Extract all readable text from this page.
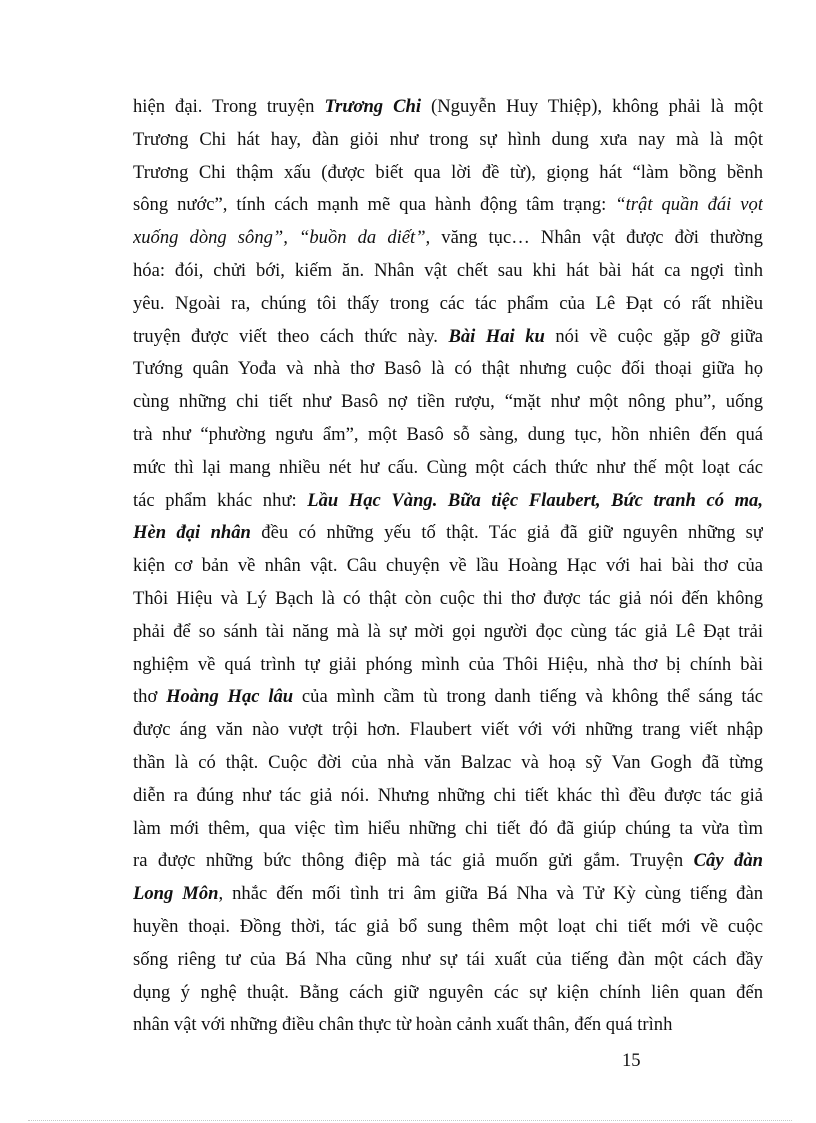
hiện đại. Trong truyện Trương Chi (Nguyễn Huy Thiệp), không phải là một
Trương Chi hát hay, đàn giỏi như trong sự hình dung xưa nay mà là một
Trương Chi thậm xấu (được biết qua lời đề từ), giọng hát “làm bồng bềnh
sông nước”, tính cách mạnh mẽ qua hành động tâm trạng: “trật quần đái vọt
xuống dòng sông”, “buồn da diết”, văng tục… Nhân vật được đời thường
hóa: đói, chửi bới, kiếm ăn. Nhân vật chết sau khi hát bài hát ca ngợi tình
yêu. Ngoài ra, chúng tôi thấy trong các tác phẩm của Lê Đạt có rất nhiều
truyện được viết theo cách thức này. Bài Hai ku nói về cuộc gặp gỡ giữa
Tướng quân Yođa và nhà thơ Basô là có thật nhưng cuộc đối thoại giữa họ
cùng những chi tiết như Basô nợ tiền rượu, “mặt như một nông phu”, uống
trà như “phường ngưu ẩm”, một Basô sỗ sàng, dung tục, hồn nhiên đến quá
mức thì lại mang nhiều nét hư cấu. Cùng một cách thức như thế một loạt các
tác phẩm khác như: Lầu Hạc Vàng. Bữa tiệc Flaubert, Bức tranh có ma,
Hèn đại nhân đều có những yếu tố thật. Tác giả đã giữ nguyên những sự
kiện cơ bản về nhân vật. Câu chuyện về lầu Hoàng Hạc với hai bài thơ của
Thôi Hiệu và Lý Bạch là có thật còn cuộc thi thơ được tác giả nói đến không
phải để so sánh tài năng mà là sự mời gọi người đọc cùng tác giả Lê Đạt trải
nghiệm về quá trình tự giải phóng mình của Thôi Hiệu, nhà thơ bị chính bài
thơ Hoàng Hạc lâu của mình cầm tù trong danh tiếng và không thể sáng tác
được áng văn nào vượt trội hơn. Flaubert viết với với những trang viết nhập
thần là có thật. Cuộc đời của nhà văn Balzac và hoạ sỹ Van Gogh đã từng
diễn ra đúng như tác giả nói. Nhưng những chi tiết khác thì đều được tác giả
làm mới thêm, qua việc tìm hiểu những chi tiết đó đã giúp chúng ta vừa tìm
ra được những bức thông điệp mà tác giả muốn gửi gắm. Truyện Cây đàn
Long Môn, nhắc đến mối tình tri âm giữa Bá Nha và Tử Kỳ cùng tiếng đàn
huyền thoại. Đồng thời, tác giả bổ sung thêm một loạt chi tiết mới về cuộc
sống riêng tư của Bá Nha cũng như sự tái xuất của tiếng đàn một cách đầy
dụng ý nghệ thuật. Bằng cách giữ nguyên các sự kiện chính liên quan đến
nhân vật với những điều chân thực từ hoàn cảnh xuất thân, đến quá trình
15
